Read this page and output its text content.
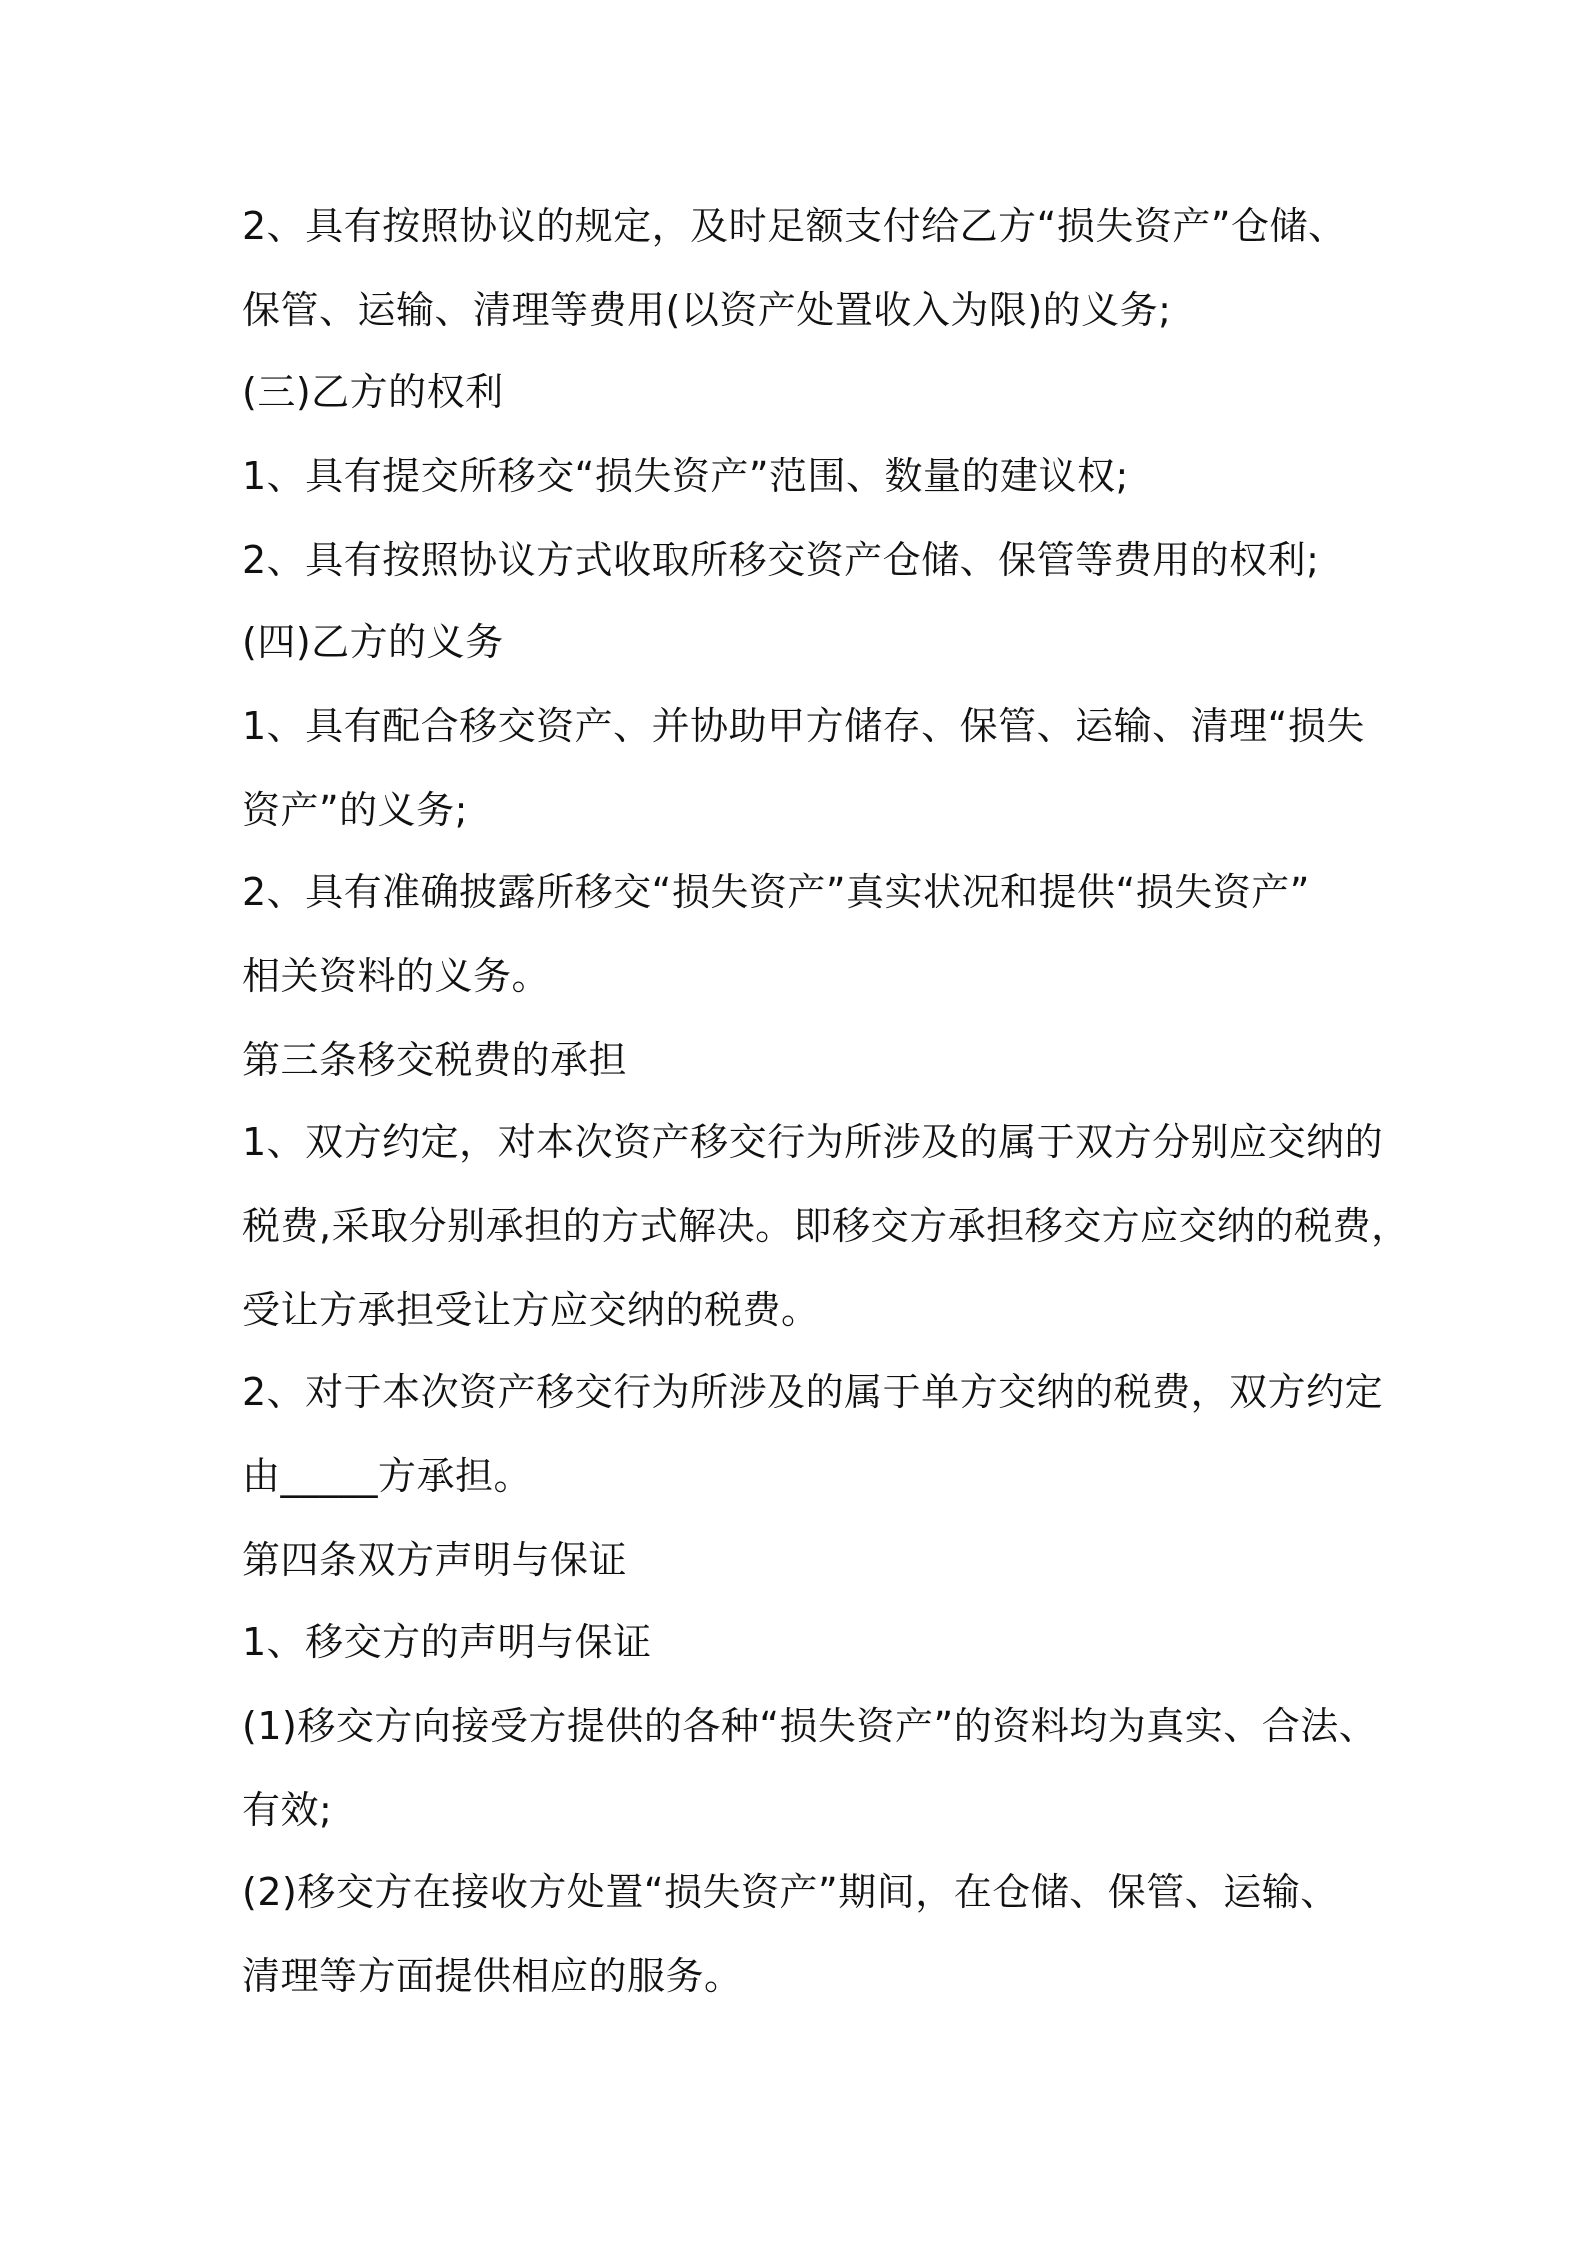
2、具有按照协议的规定，及时足额支付给乙方“损失资产”仓储、

保管、运输、清理等费用(以资产处置收入为限)的义务;

(三)乙方的权利

1、具有提交所移交“损失资产”范围、数量的建议权;

2、具有按照协议方式收取所移交资产仓储、保管等费用的权利;

(四)乙方的义务

1、具有配合移交资产、并协助甲方储存、保管、运输、清理“损失

资产”的义务;

2、具有准确披露所移交“损失资产”真实状况和提供“损失资产”

相关资料的义务。

第三条移交税费的承担

1、双方约定，对本次资产移交行为所涉及的属于双方分别应交纳的

税费,采取分别承担的方式解决。即移交方承担移交方应交纳的税费，

受让方承担受让方应交纳的税费。

2、对于本次资产移交行为所涉及的属于单方交纳的税费，双方约定

由_____方承担。

第四条双方声明与保证

1、移交方的声明与保证

(1)移交方向接受方提供的各种“损失资产”的资料均为真实、合法、

有效;

(2)移交方在接收方处置“损失资产”期间，在仓储、保管、运输、

清理等方面提供相应的服务。
